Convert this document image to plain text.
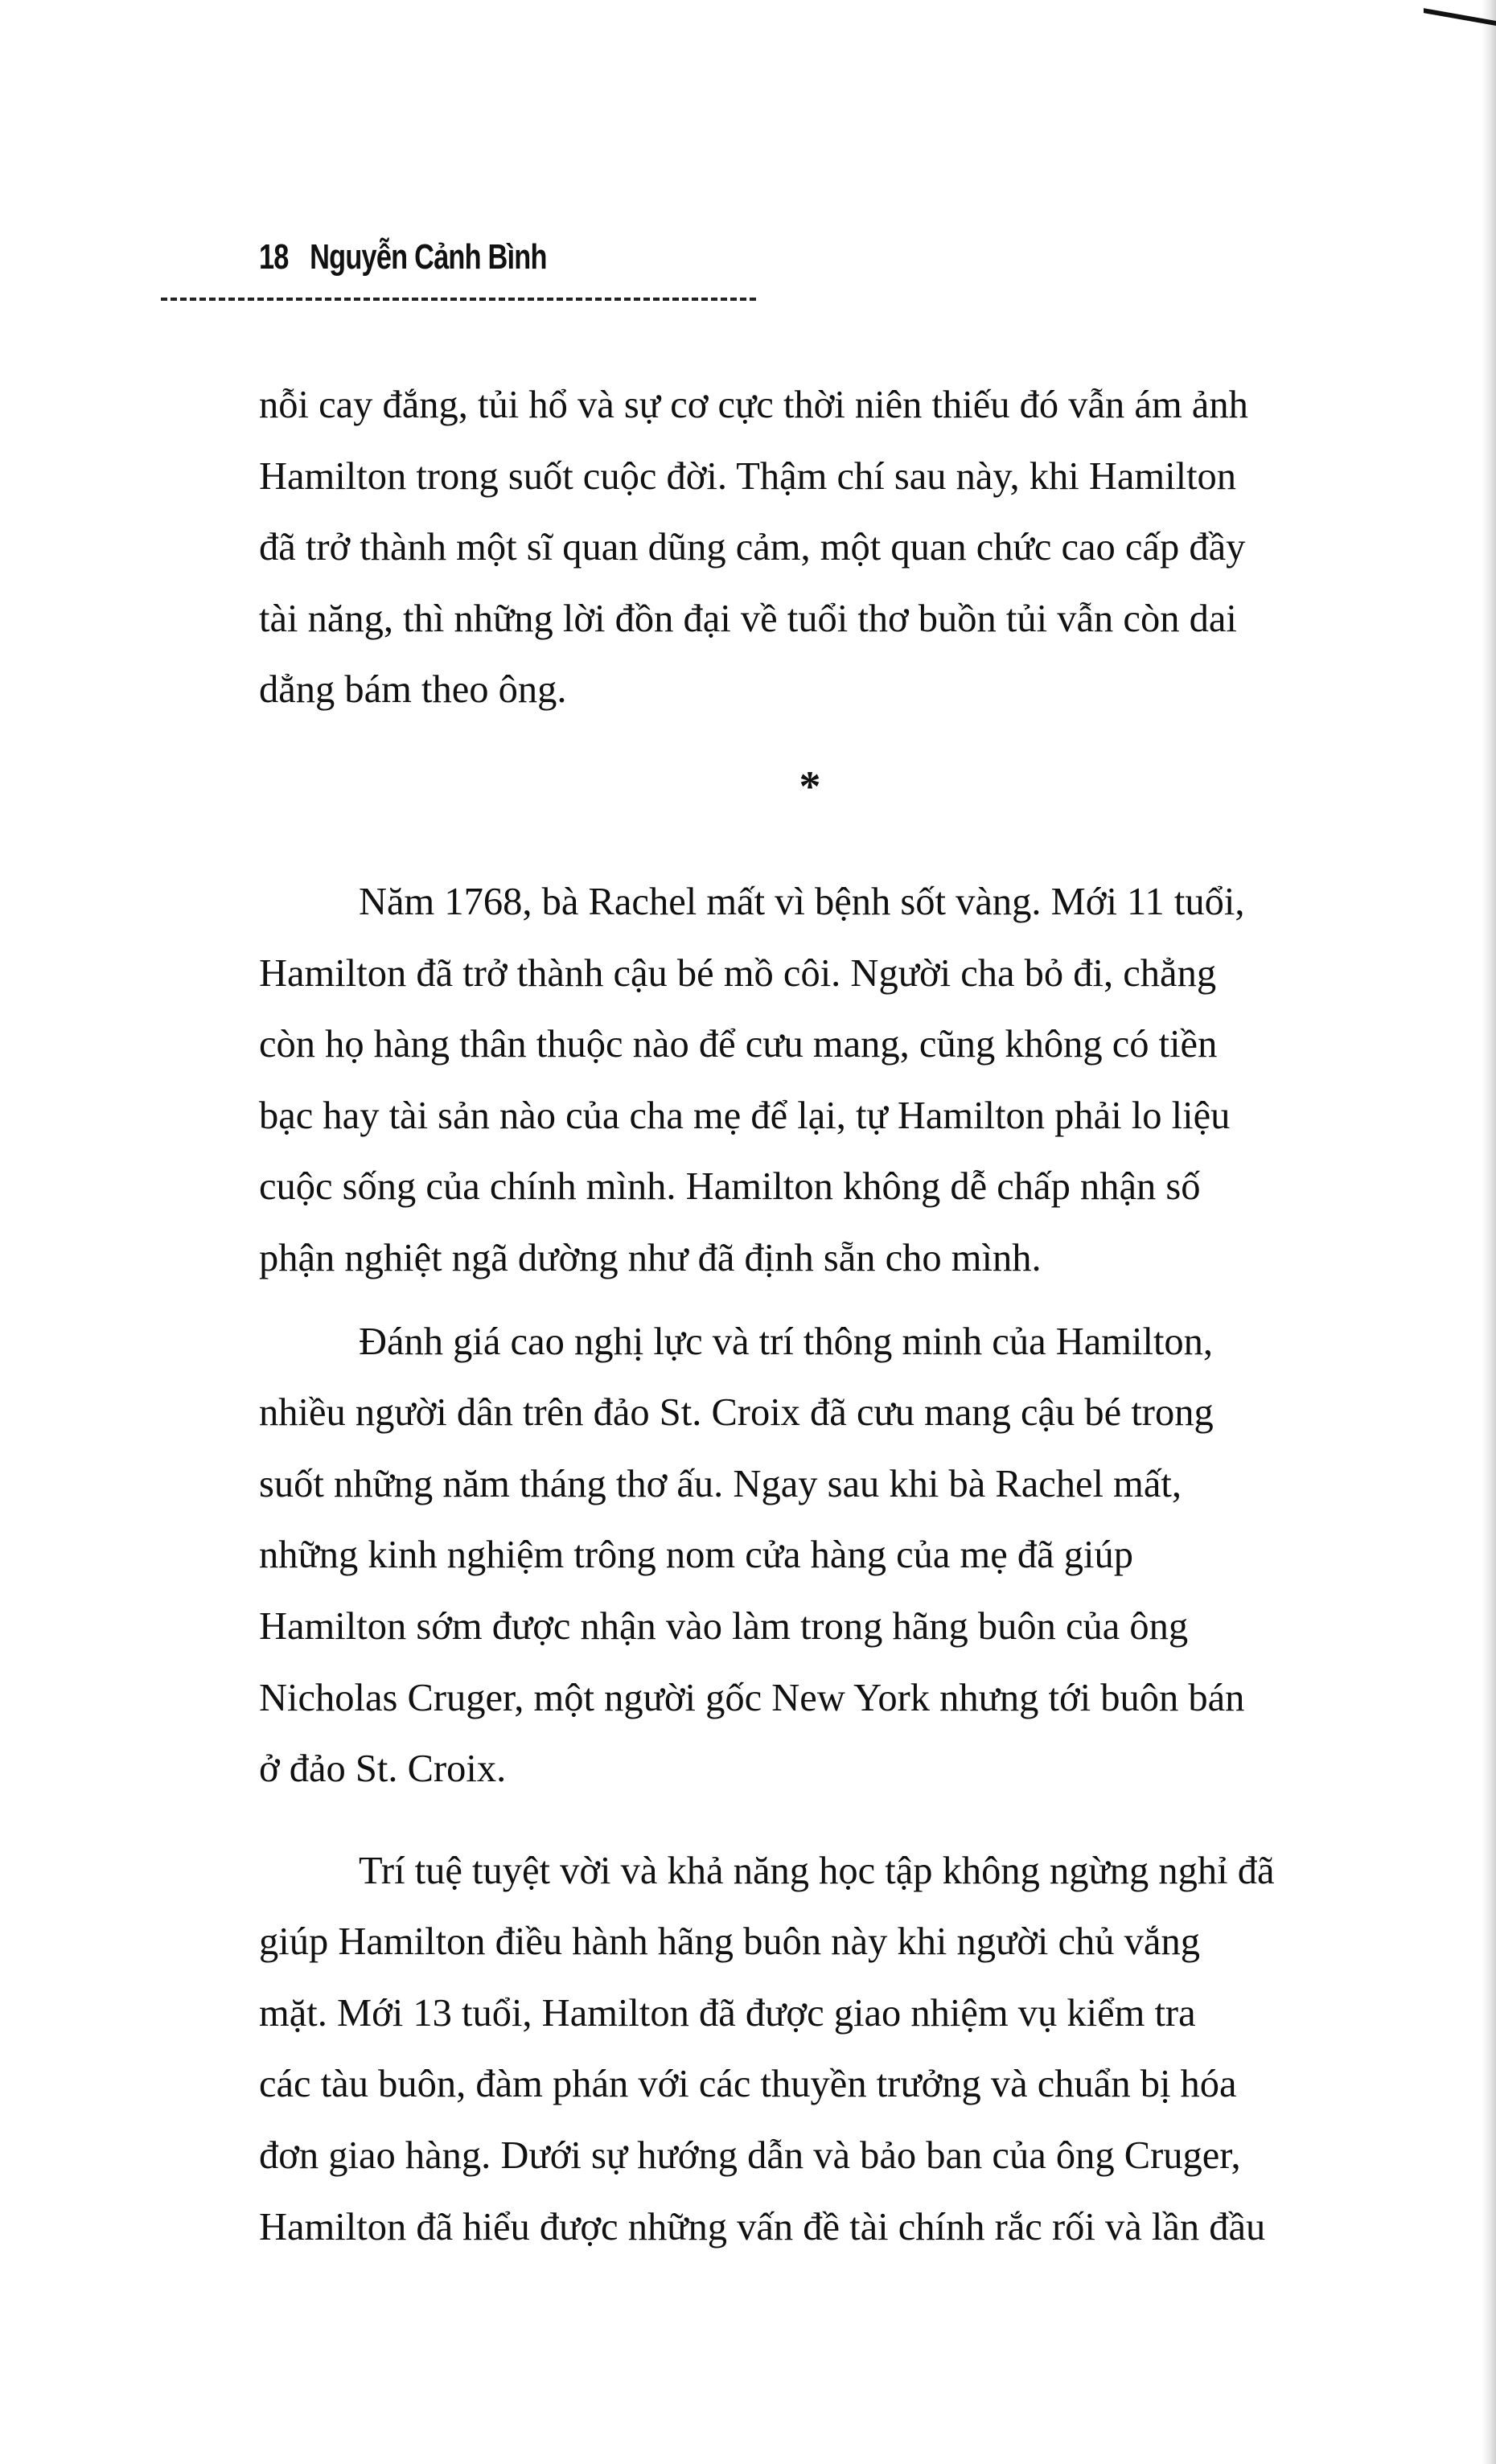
18 Nguyễn Cảnh Bình
nỗi cay đắng, tủi hổ và sự cơ cực thời niên thiếu đó vẫn ám ảnh
Hamilton trong suốt cuộc đời. Thậm chí sau này, khi Hamilton
đã trở thành một sĩ quan dũng cảm, một quan chức cao cấp đầy
tài năng, thì những lời đồn đại về tuổi thơ buồn tủi vẫn còn dai
dẳng bám theo ông.
*
Năm 1768, bà Rachel mất vì bệnh sốt vàng. Mới 11 tuổi,
Hamilton đã trở thành cậu bé mồ côi. Người cha bỏ đi, chẳng
còn họ hàng thân thuộc nào để cưu mang, cũng không có tiền
bạc hay tài sản nào của cha mẹ để lại, tự Hamilton phải lo liệu
cuộc sống của chính mình. Hamilton không dễ chấp nhận số
phận nghiệt ngã dường như đã định sẵn cho mình.
Đánh giá cao nghị lực và trí thông minh của Hamilton,
nhiều người dân trên đảo St. Croix đã cưu mang cậu bé trong
suốt những năm tháng thơ ấu. Ngay sau khi bà Rachel mất,
những kinh nghiệm trông nom cửa hàng của mẹ đã giúp
Hamilton sớm được nhận vào làm trong hãng buôn của ông
Nicholas Cruger, một người gốc New York nhưng tới buôn bán
ở đảo St. Croix.
Trí tuệ tuyệt vời và khả năng học tập không ngừng nghỉ đã
giúp Hamilton điều hành hãng buôn này khi người chủ vắng
mặt. Mới 13 tuổi, Hamilton đã được giao nhiệm vụ kiểm tra
các tàu buôn, đàm phán với các thuyền trưởng và chuẩn bị hóa
đơn giao hàng. Dưới sự hướng dẫn và bảo ban của ông Cruger,
Hamilton đã hiểu được những vấn đề tài chính rắc rối và lần đầu
